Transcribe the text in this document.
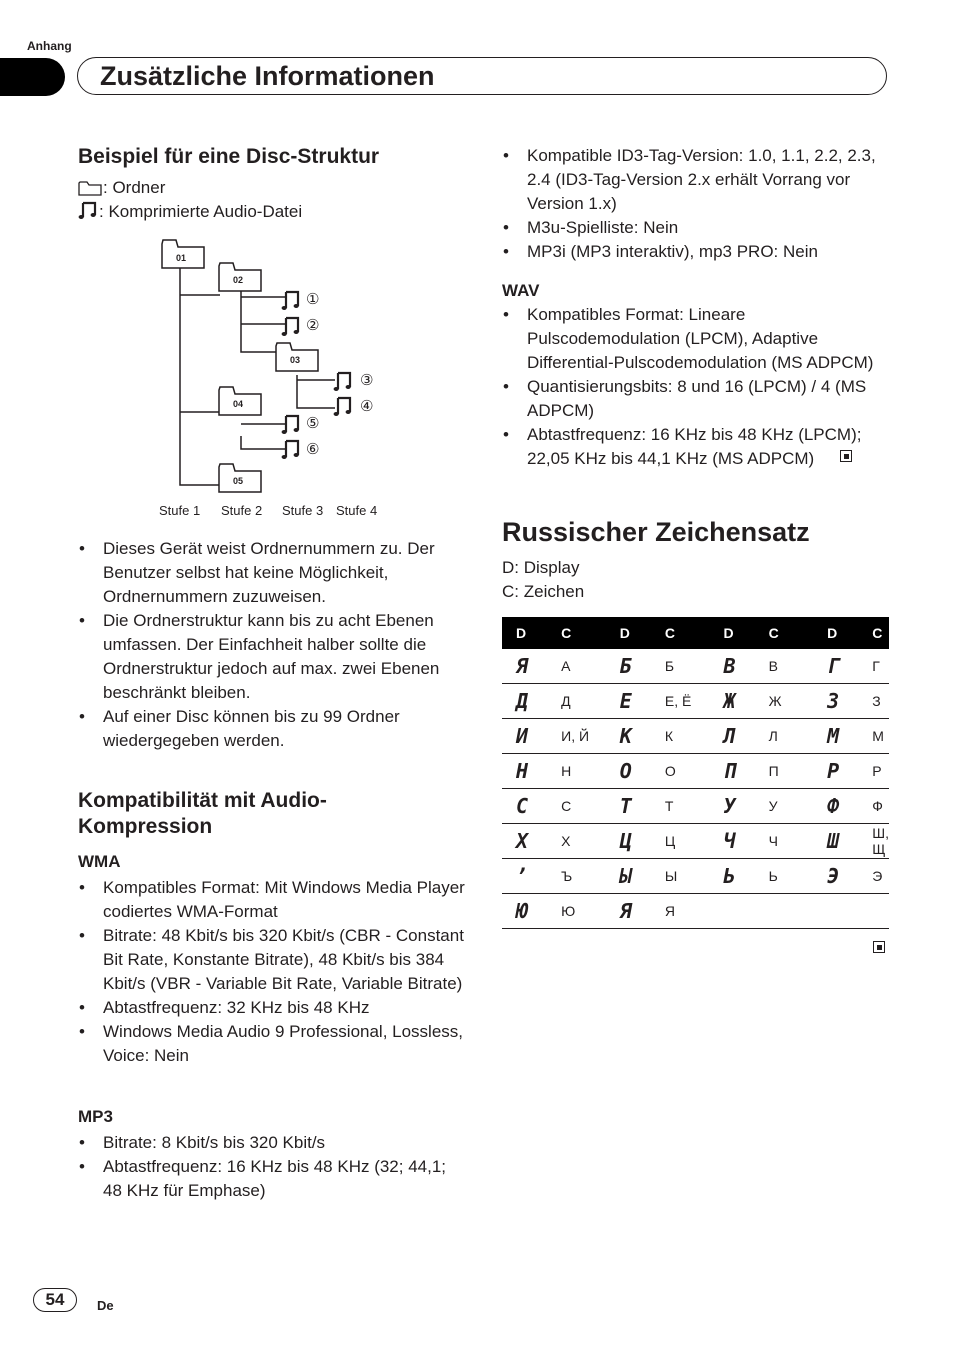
Anhang
Zusätzliche Informationen
Beispiel für eine Disc-Struktur
: Ordner
: Komprimierte Audio-Datei
01
02
03
04
05
①
②
③
④
⑤
⑥
Stufe 1 Stufe 2 Stufe 3 Stufe 4
• Dieses Gerät weist Ordnernummern zu. Der Benutzer selbst hat keine Möglichkeit, Ordnernummern zuzuweisen.
• Die Ordnerstruktur kann bis zu acht Ebenen umfassen. Der Einfachheit halber sollte die Ordnerstruktur jedoch auf max. zwei Ebenen beschränkt bleiben.
• Auf einer Disc können bis zu 99 Ordner wiedergegeben werden.
Kompatibilität mit Audio-Kompression
WMA
• Kompatibles Format: Mit Windows Media Player codiertes WMA-Format
• Bitrate: 48 Kbit/s bis 320 Kbit/s (CBR - Constant Bit Rate, Konstante Bitrate), 48 Kbit/s bis 384 Kbit/s (VBR - Variable Bit Rate, Variable Bitrate)
• Abtastfrequenz: 32 KHz bis 48 KHz
• Windows Media Audio 9 Professional, Lossless, Voice: Nein
MP3
• Bitrate: 8 Kbit/s bis 320 Kbit/s
• Abtastfrequenz: 16 KHz bis 48 KHz (32; 44,1; 48 KHz für Emphase)
• Kompatible ID3-Tag-Version: 1.0, 1.1, 2.2, 2.3, 2.4 (ID3-Tag-Version 2.x erhält Vorrang vor Version 1.x)
• M3u-Spielliste: Nein
• MP3i (MP3 interaktiv), mp3 PRO: Nein
WAV
• Kompatibles Format: Lineare Pulscodemodulation (LPCM), Adaptive Differential-Pulscodemodulation (MS ADPCM)
• Quantisierungsbits: 8 und 16 (LPCM) / 4 (MS ADPCM)
• Abtastfrequenz: 16 KHz bis 48 KHz (LPCM); 22,05 KHz bis 44,1 KHz (MS ADPCM)
Russischer Zeichensatz
D: Display
C: Zeichen
D	C	D	C	D	C	D	C
Я	А	Б	Б	В	В	Г	Г
Д	Д	Е	Е, Ё	Ж	Ж	З	З
И	И, Й	К	К	Л	Л	М	М
Н	Н	О	О	П	П	Р	Р
С	С	Т	Т	У	У	Ф	Ф
Х	Х	Ц	Ц	Ч	Ч	Ш	Ш, Щ
ʼ	Ъ	Ы	Ы	Ь	Ь	Э	Э
Ю	Ю	Я	Я				
54	De
